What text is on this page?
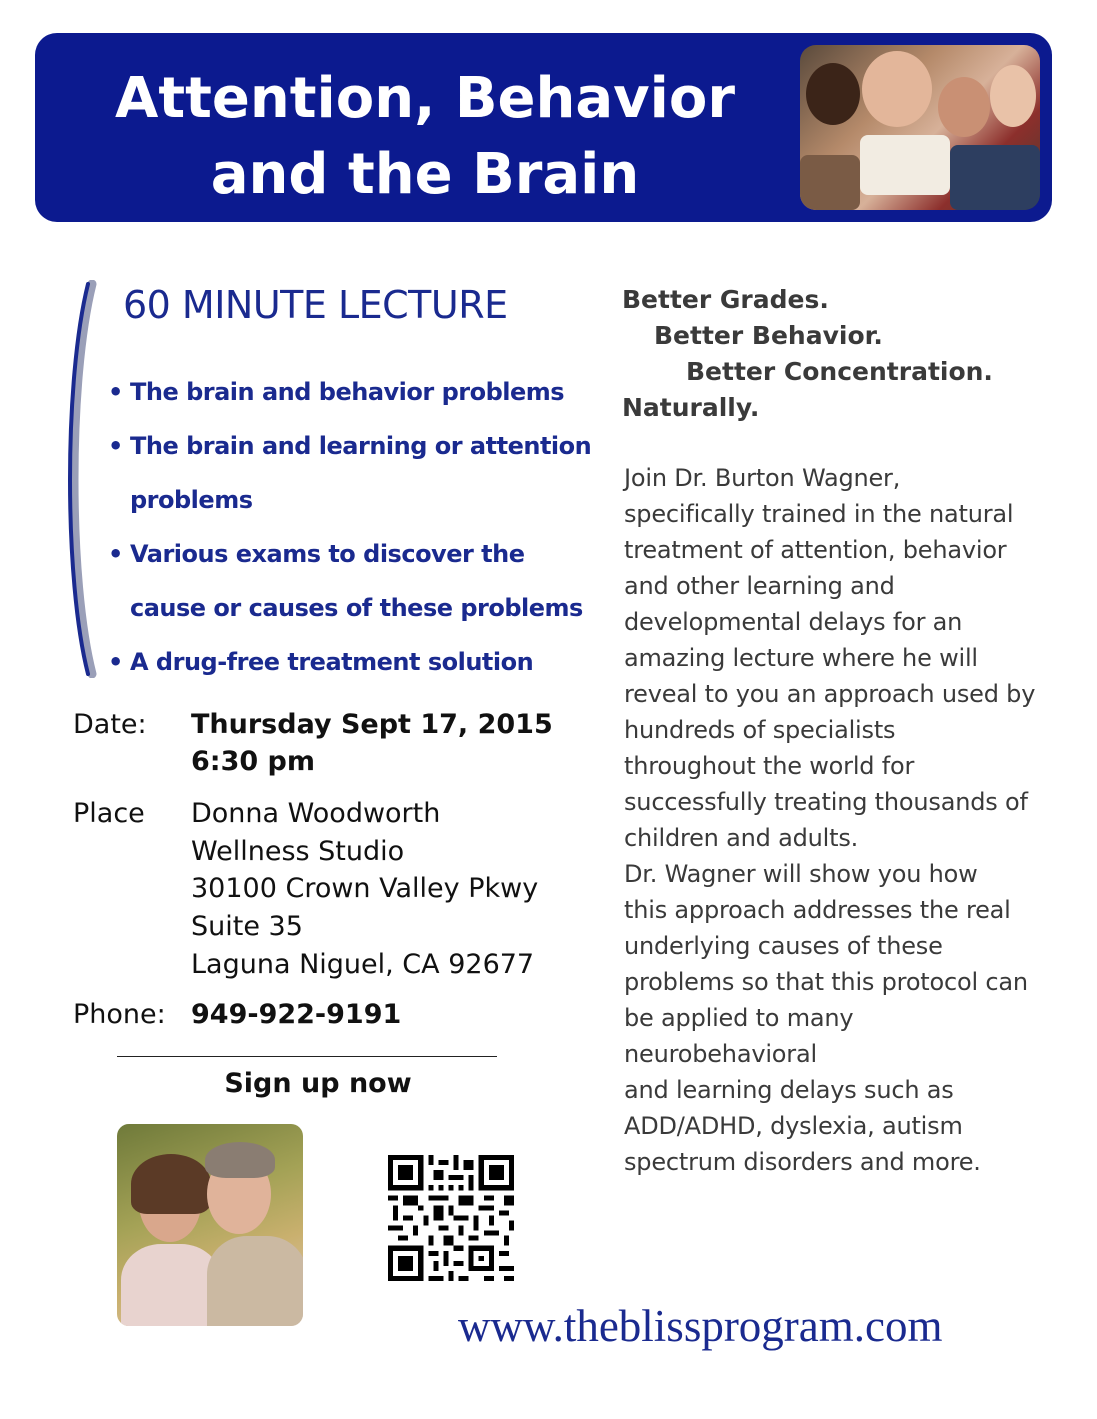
Attention, Behavior
and the Brain
60 MINUTE LECTURE
• The brain and behavior problems
• The brain and learning or attention problems
• Various exams to discover the cause or causes of these problems
• A drug-free treatment solution

Date: Thursday Sept 17, 2015

6:30 pm

Place Donna Woodworth

Wellness Studio

30100 Crown Valley Pkwy

Suite 35

Laguna Niguel, CA 92677

Phone: 949-922-9191

Sign up now

www.theblissprogram.com

Better Grades.

Better Behavior.

Better Concentration.

Naturally.

Join Dr. Burton Wagner,
specifically trained in the natural
treatment of attention, behavior
and other learning and
developmental delays for an
amazing lecture where he will
reveal to you an approach used by
hundreds of specialists
throughout the world for
successfully treating thousands of
children and adults.
Dr. Wagner will show you how
this approach addresses the real
underlying causes of these
problems so that this protocol can
be applied to many
neurobehavioral
and learning delays such as
ADD/ADHD, dyslexia, autism
spectrum disorders and more.
